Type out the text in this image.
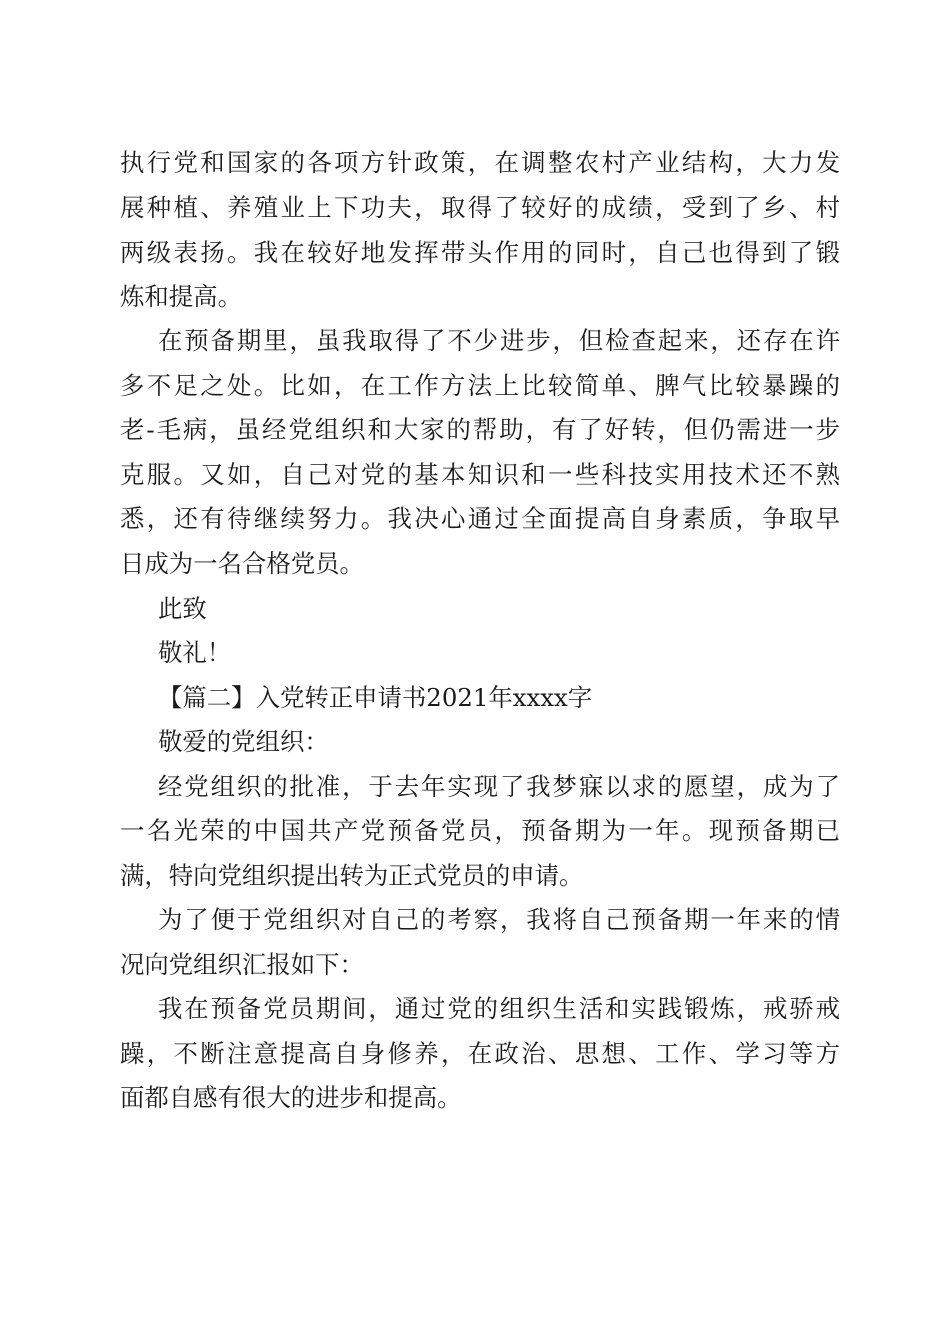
执行党和国家的各项方针政策，在调整农村产业结构，大力发
展种植、养殖业上下功夫，取得了较好的成绩，受到了乡、村
两级表扬。我在较好地发挥带头作用的同时，自己也得到了锻
炼和提高。
在预备期里，虽我取得了不少进步，但检查起来，还存在许
多不足之处。比如，在工作方法上比较简单、脾气比较暴躁的
老-毛病，虽经党组织和大家的帮助，有了好转，但仍需进一步
克服。又如，自己对党的基本知识和一些科技实用技术还不熟
悉，还有待继续努力。我决心通过全面提高自身素质，争取早
日成为一名合格党员。
此致
敬礼！
【篇二】入党转正申请书2021年xxxx字
敬爱的党组织：
经党组织的批准，于去年实现了我梦寐以求的愿望，成为了
一名光荣的中国共产党预备党员，预备期为一年。现预备期已
满，特向党组织提出转为正式党员的申请。
为了便于党组织对自己的考察，我将自己预备期一年来的情
况向党组织汇报如下：
我在预备党员期间，通过党的组织生活和实践锻炼，戒骄戒
躁，不断注意提高自身修养，在政治、思想、工作、学习等方
面都自感有很大的进步和提高。
